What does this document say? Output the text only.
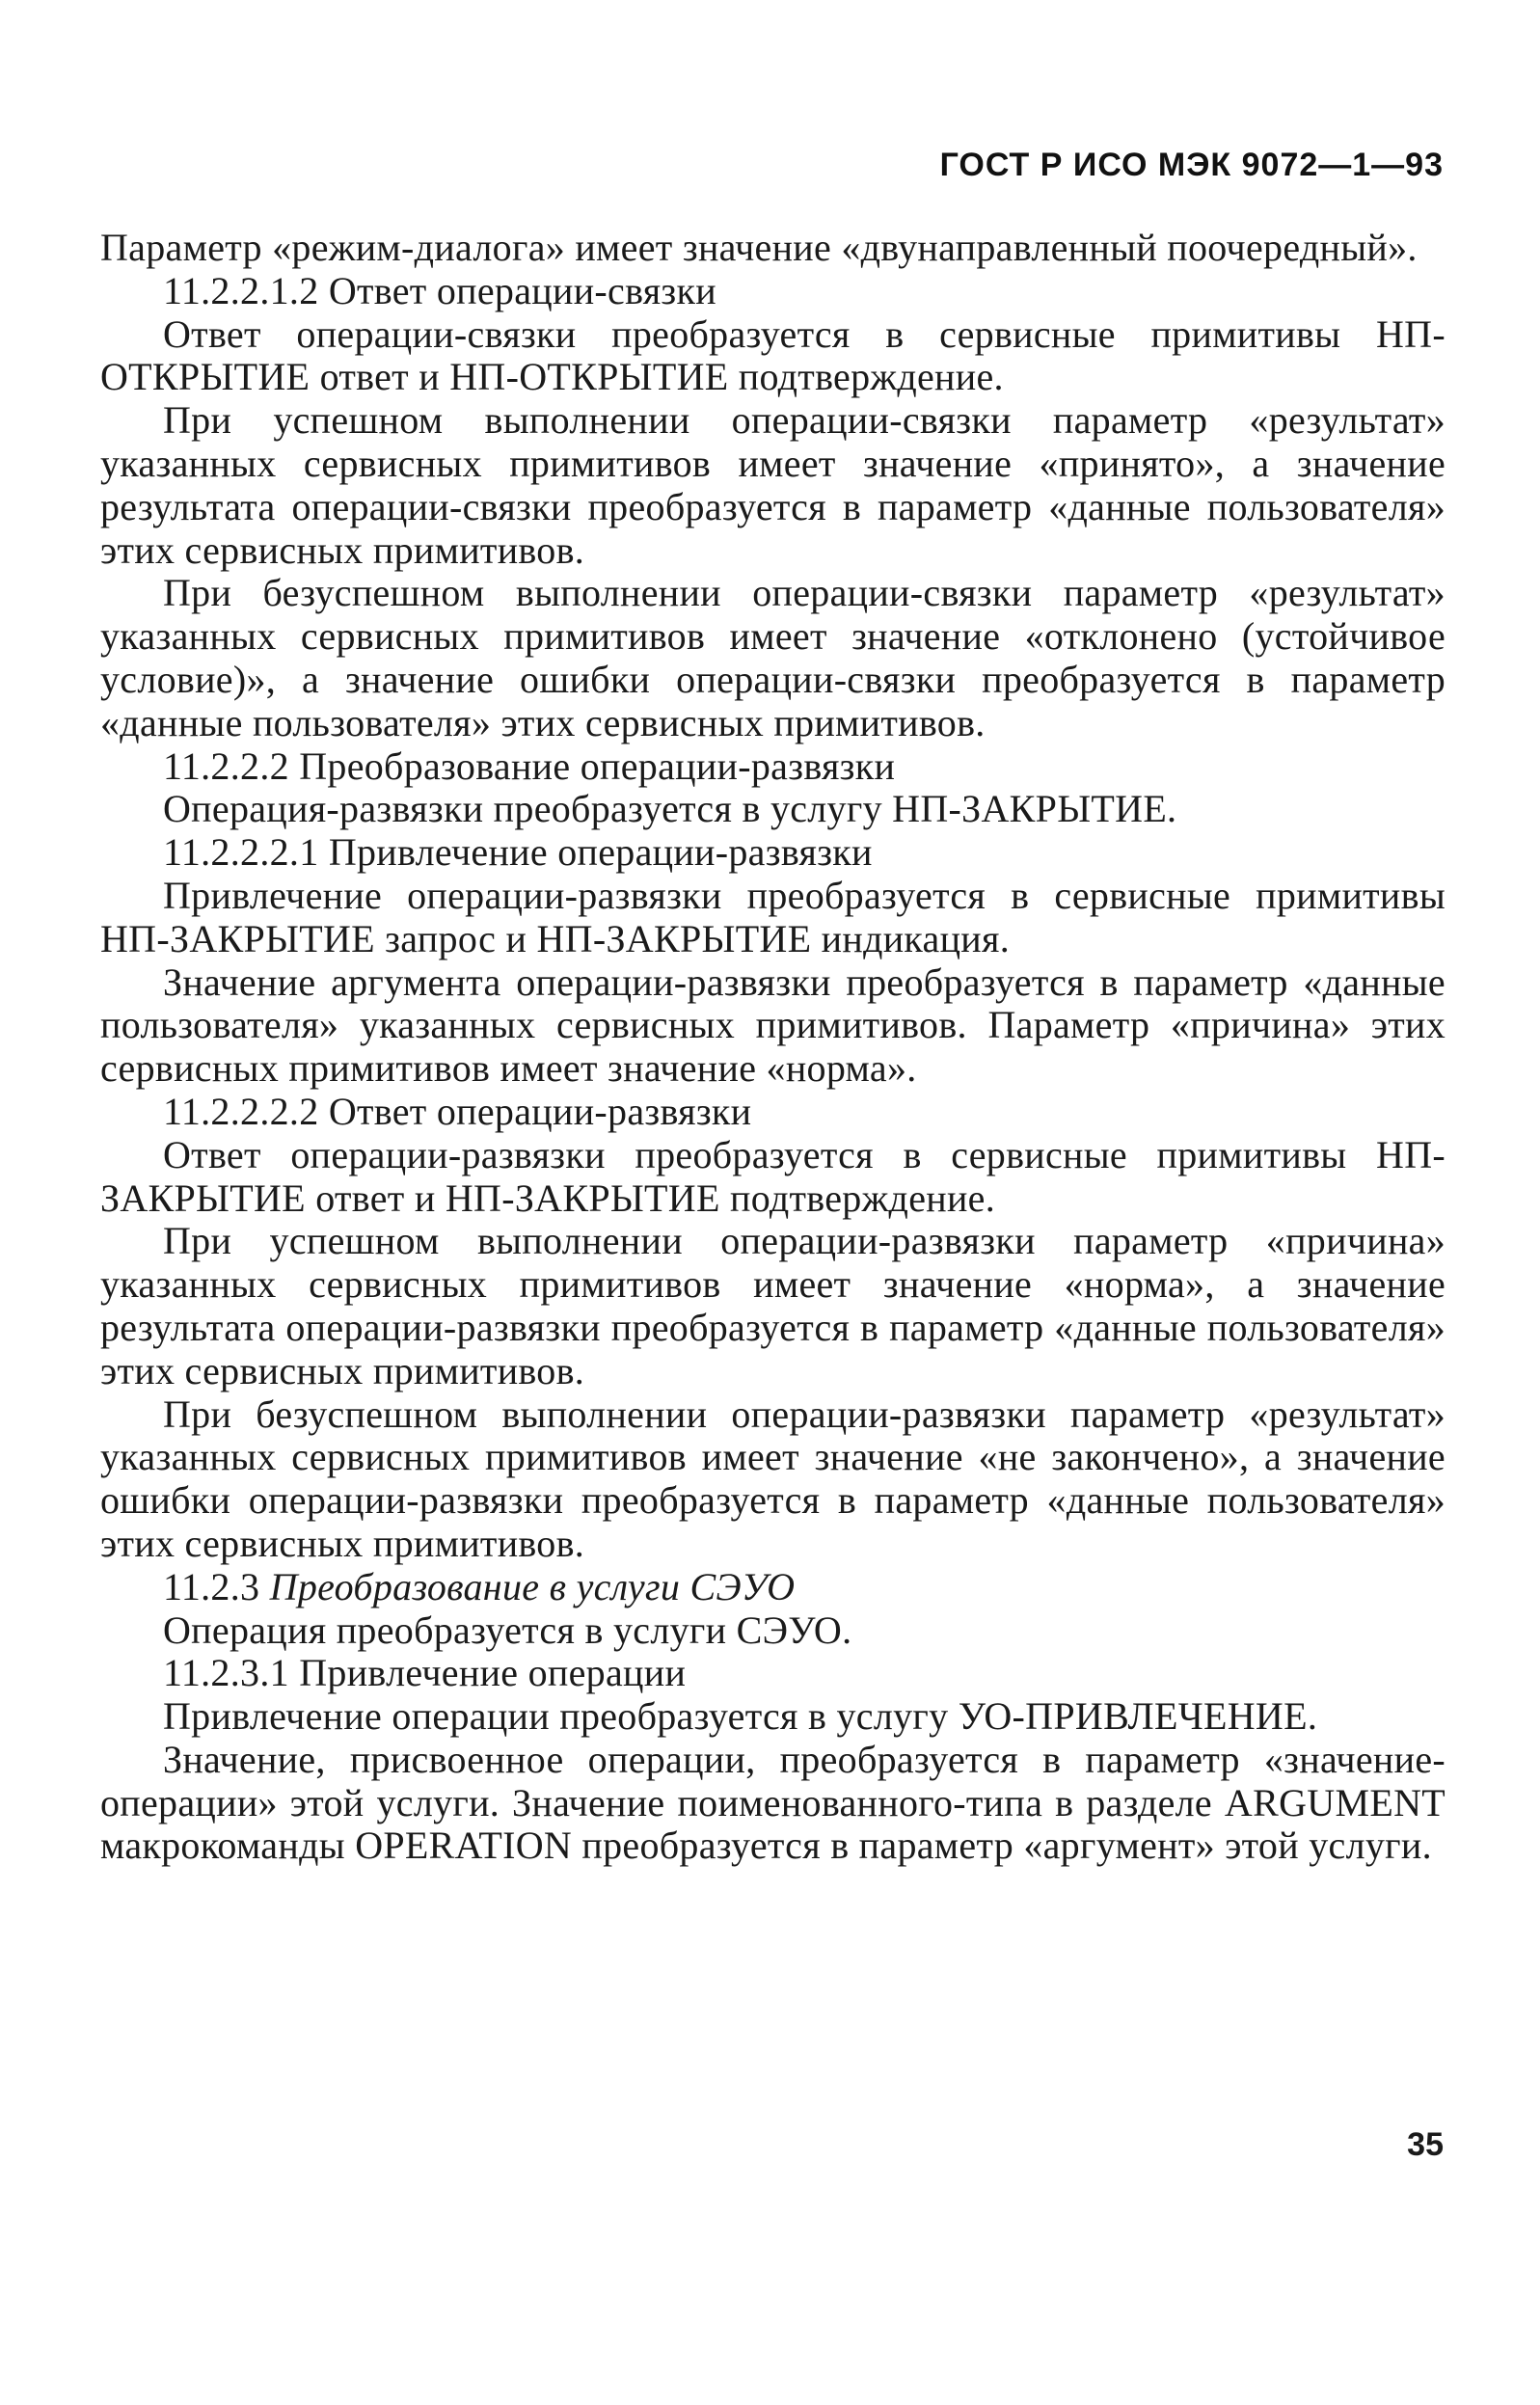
ГОСТ Р ИСО МЭК 9072—1—93

Параметр «режим-диалога» имеет значение «двунаправленный поочередный».

11.2.2.1.2 Ответ операции-связки

Ответ операции-связки преобразуется в сервисные примитивы НП-ОТКРЫТИЕ ответ и НП-ОТКРЫТИЕ подтверждение.

При успешном выполнении операции-связки параметр «результат» указанных сервисных примитивов имеет значение «принято», а значение результата операции-связки преобразуется в параметр «данные пользователя» этих сервисных примитивов.

При безуспешном выполнении операции-связки параметр «результат» указанных сервисных примитивов имеет значение «отклонено (устойчивое условие)», а значение ошибки операции-связки преобразуется в параметр «данные пользователя» этих сервисных примитивов.

11.2.2.2 Преобразование операции-развязки

Операция-развязки преобразуется в услугу НП-ЗАКРЫТИЕ.

11.2.2.2.1 Привлечение операции-развязки

Привлечение операции-развязки преобразуется в сервисные примитивы НП-ЗАКРЫТИЕ запрос и НП-ЗАКРЫТИЕ индикация.

Значение аргумента операции-развязки преобразуется в параметр «данные пользователя» указанных сервисных примитивов. Параметр «причина» этих сервисных примитивов имеет значение «норма».

11.2.2.2.2 Ответ операции-развязки

Ответ операции-развязки преобразуется в сервисные примитивы НП-ЗАКРЫТИЕ ответ и НП-ЗАКРЫТИЕ подтверждение.

При успешном выполнении операции-развязки параметр «причина» указанных сервисных примитивов имеет значение «норма», а значение результата операции-развязки преобразуется в параметр «данные пользователя» этих сервисных примитивов.

При безуспешном выполнении операции-развязки параметр «результат» указанных сервисных примитивов имеет значение «не закончено», а значение ошибки операции-развязки преобразуется в параметр «данные пользователя» этих сервисных примитивов.

11.2.3 Преобразование в услуги СЭУО

Операция преобразуется в услуги СЭУО.

11.2.3.1 Привлечение операции

Привлечение операции преобразуется в услугу УО-ПРИВЛЕЧЕНИЕ.

Значение, присвоенное операции, преобразуется в параметр «значение-операции» этой услуги. Значение поименованного-типа в разделе ARGUMENT макрокоманды OPERATION преобразуется в параметр «аргумент» этой услуги.

35
